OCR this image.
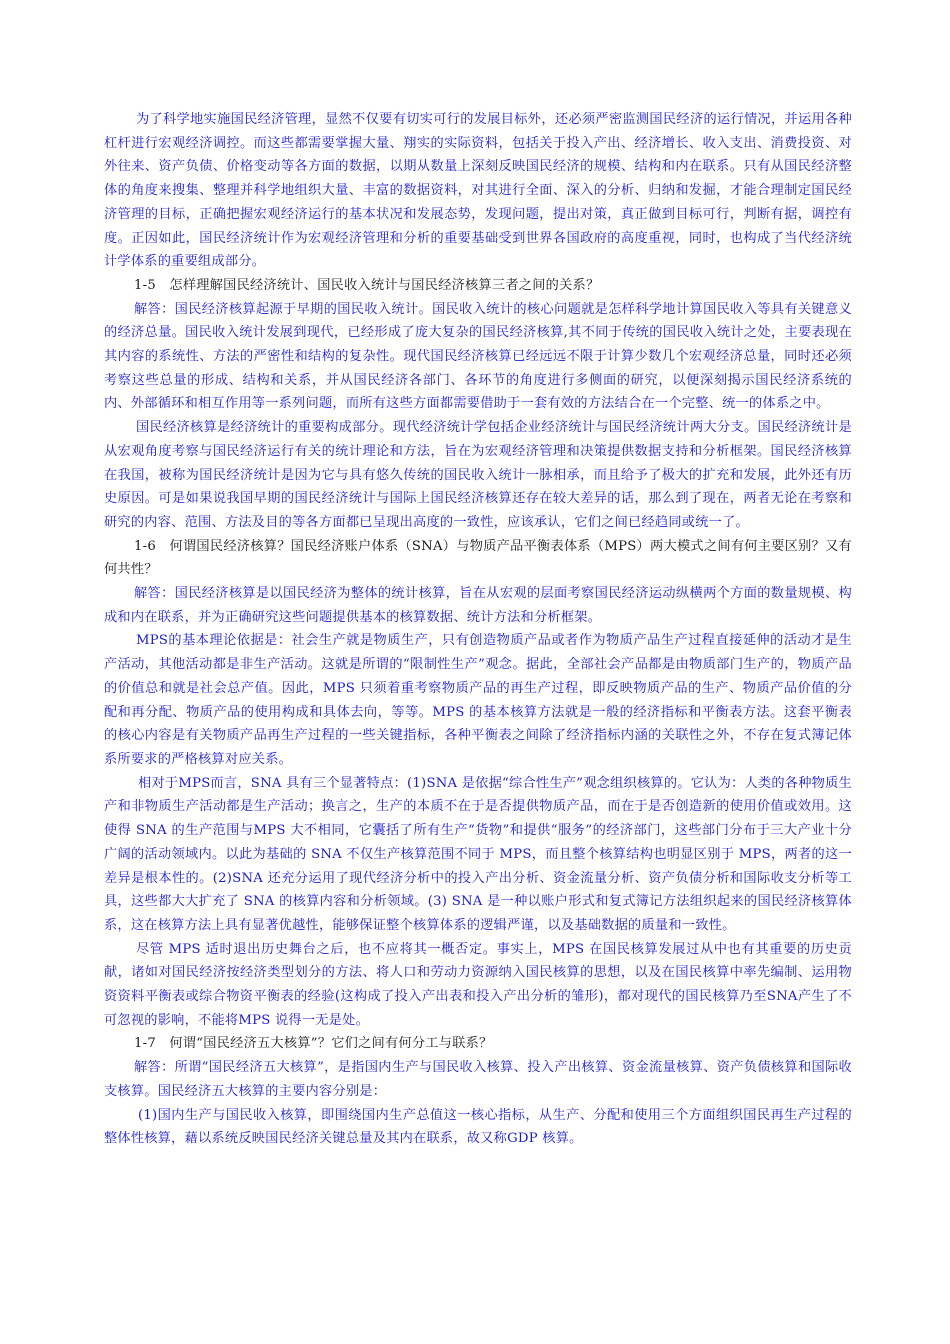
为了科学地实施国民经济管理，显然不仅要有切实可行的发展目标外，还必须严密监测国民经济的运行情况，并运用各种杠杆进行宏观经济调控。而这些都需要掌握大量、翔实的实际资料，包括关于投入产出、经济增长、收入支出、消费投资、对外往来、资产负债、价格变动等各方面的数据，以期从数量上深刻反映国民经济的规模、结构和内在联系。只有从国民经济整体的角度来搜集、整理并科学地组织大量、丰富的数据资料，对其进行全面、深入的分析、归纳和发掘，才能合理制定国民经济管理的目标，正确把握宏观经济运行的基本状况和发展态势，发现问题，提出对策，真正做到目标可行，判断有据，调控有度。正因如此，国民经济统计作为宏观经济管理和分析的重要基础受到世界各国政府的高度重视，同时，也构成了当代经济统计学体系的重要组成部分。

1-5　怎样理解国民经济统计、国民收入统计与国民经济核算三者之间的关系？

解答：国民经济核算起源于早期的国民收入统计。国民收入统计的核心问题就是怎样科学地计算国民收入等具有关键意义的经济总量。国民收入统计发展到现代，已经形成了庞大复杂的国民经济核算,其不同于传统的国民收入统计之处，主要表现在其内容的系统性、方法的严密性和结构的复杂性。现代国民经济核算已经远远不限于计算少数几个宏观经济总量，同时还必须考察这些总量的形成、结构和关系，并从国民经济各部门、各环节的角度进行多侧面的研究，以便深刻揭示国民经济系统的内、外部循环和相互作用等一系列问题，而所有这些方面都需要借助于一套有效的方法结合在一个完整、统一的体系之中。

国民经济核算是经济统计的重要构成部分。现代经济统计学包括企业经济统计与国民经济统计两大分支。国民经济统计是从宏观角度考察与国民经济运行有关的统计理论和方法，旨在为宏观经济管理和决策提供数据支持和分析框架。国民经济核算在我国，被称为国民经济统计是因为它与具有悠久传统的国民收入统计一脉相承，而且给予了极大的扩充和发展，此外还有历史原因。可是如果说我国早期的国民经济统计与国际上国民经济核算还存在较大差异的话，那么到了现在，两者无论在考察和研究的内容、范围、方法及目的等各方面都已呈现出高度的一致性，应该承认，它们之间已经趋同或统一了。

1-6　何谓国民经济核算？国民经济账户体系（SNA）与物质产品平衡表体系（MPS）两大模式之间有何主要区别？又有何共性？

解答：国民经济核算是以国民经济为整体的统计核算，旨在从宏观的层面考察国民经济运动纵横两个方面的数量规模、构成和内在联系，并为正确研究这些问题提供基本的核算数据、统计方法和分析框架。

MPS的基本理论依据是：社会生产就是物质生产，只有创造物质产品或者作为物质产品生产过程直接延伸的活动才是生产活动，其他活动都是非生产活动。这就是所谓的“限制性生产”观念。据此，全部社会产品都是由物质部门生产的，物质产品的价值总和就是社会总产值。因此，MPS 只须着重考察物质产品的再生产过程，即反映物质产品的生产、物质产品价值的分配和再分配、物质产品的使用构成和具体去向，等等。MPS 的基本核算方法就是一般的经济指标和平衡表方法。这套平衡表的核心内容是有关物质产品再生产过程的一些关键指标，各种平衡表之间除了经济指标内涵的关联性之外，不存在复式簿记体系所要求的严格核算对应关系。

相对于MPS而言，SNA 具有三个显著特点：(1)SNA 是依据“综合性生产”观念组织核算的。它认为：人类的各种物质生产和非物质生产活动都是生产活动；换言之，生产的本质不在于是否提供物质产品，而在于是否创造新的使用价值或效用。这使得 SNA 的生产范围与MPS 大不相同，它囊括了所有生产“货物”和提供“服务”的经济部门，这些部门分布于三大产业十分广阔的活动领域内。以此为基础的 SNA 不仅生产核算范围不同于 MPS，而且整个核算结构也明显区别于 MPS，两者的这一差异是根本性的。(2)SNA 还充分运用了现代经济分析中的投入产出分析、资金流量分析、资产负债分析和国际收支分析等工具，这些都大大扩充了 SNA 的核算内容和分析领域。(3) SNA 是一种以账户形式和复式簿记方法组织起来的国民经济核算体系，这在核算方法上具有显著优越性，能够保证整个核算体系的逻辑严谨，以及基础数据的质量和一致性。

尽管 MPS 适时退出历史舞台之后，也不应将其一概否定。事实上，MPS 在国民核算发展过从中也有其重要的历史贡献，诸如对国民经济按经济类型划分的方法、将人口和劳动力资源纳入国民核算的思想，以及在国民核算中率先编制、运用物资资料平衡表或综合物资平衡表的经验(这构成了投入产出表和投入产出分析的雏形)，都对现代的国民核算乃至SNA产生了不可忽视的影响，不能将MPS 说得一无是处。

1-7　何谓“国民经济五大核算”？它们之间有何分工与联系？

解答：所谓“国民经济五大核算”，是指国内生产与国民收入核算、投入产出核算、资金流量核算、资产负债核算和国际收支核算。国民经济五大核算的主要内容分别是：

(1)国内生产与国民收入核算，即围绕国内生产总值这一核心指标，从生产、分配和使用三个方面组织国民再生产过程的整体性核算，藉以系统反映国民经济关键总量及其内在联系，故又称GDP 核算。
